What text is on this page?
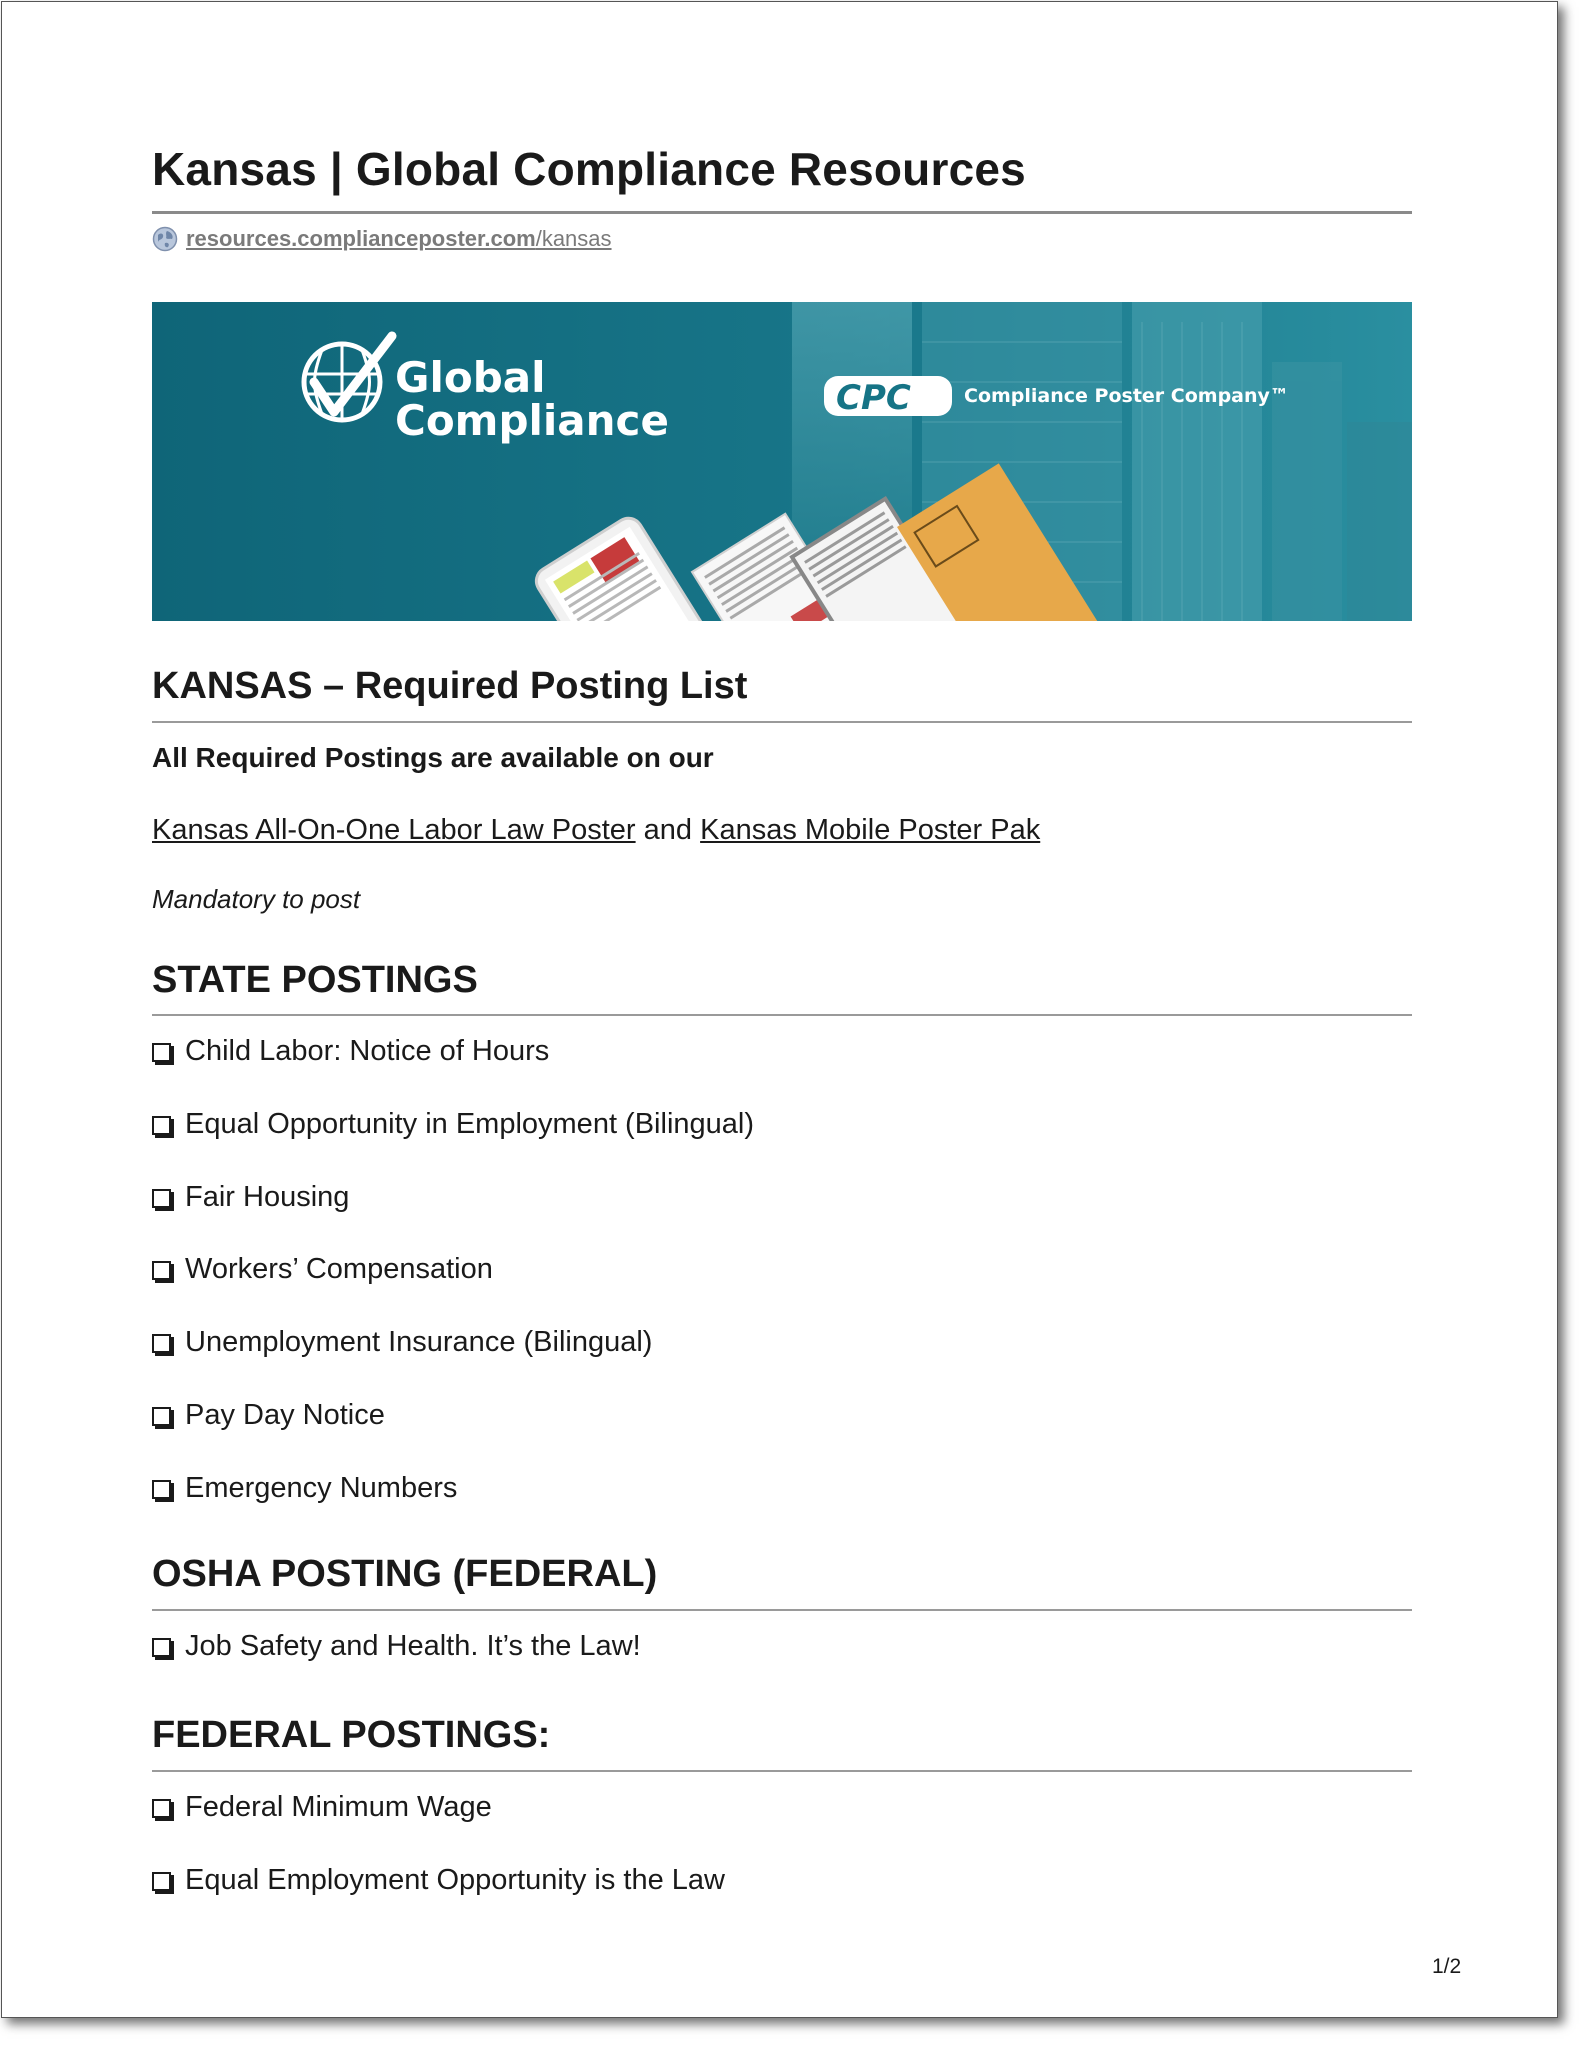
Kansas | Global Compliance Resources
resources.complianceposter.com/kansas
Global
Compliance	CPC	Compliance Poster Company™
KANSAS – Required Posting List
All Required Postings are available on our
Kansas All-On-One Labor Law Poster and Kansas Mobile Poster Pak
Mandatory to post
STATE POSTINGS
Child Labor: Notice of Hours
Equal Opportunity in Employment (Bilingual)
Fair Housing
Workers’ Compensation
Unemployment Insurance (Bilingual)
Pay Day Notice
Emergency Numbers
OSHA POSTING (FEDERAL)
Job Safety and Health. It’s the Law!
FEDERAL POSTINGS:
Federal Minimum Wage
Equal Employment Opportunity is the Law
1/2
